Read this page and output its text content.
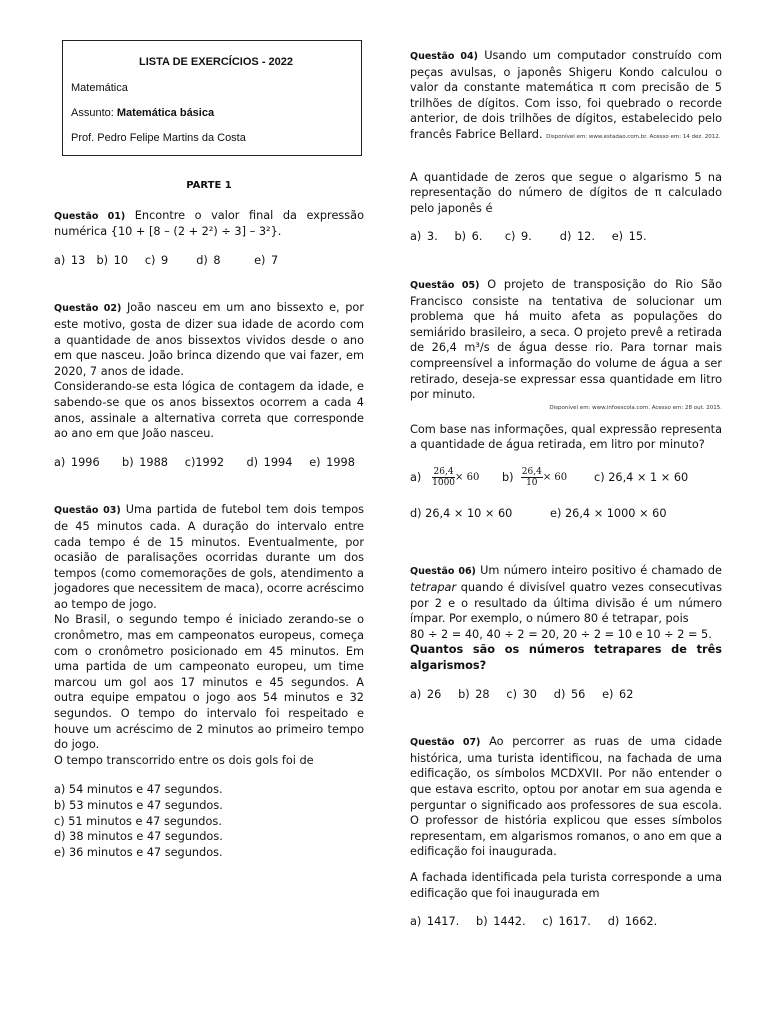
LISTA DE EXERCÍCIOS - 2022
Matemática
Assunto: Matemática básica
Prof. Pedro Felipe Martins da Costa
PARTE 1

Questão 01) Encontre o valor final da expressão numérica {10 + [8 – (2 + 2²) ÷ 3] – 3²}.

a) 13 b) 10 c) 9 d) 8	e) 7

Questão 02) João nasceu em um ano bissexto e, por este motivo, gosta de dizer sua idade de acordo com a quantidade de anos bissextos vividos desde o ano em que nasceu. João brinca dizendo que vai fazer, em 2020, 7 anos de idade.

Considerando-se esta lógica de contagem da idade, e sabendo-se que os anos bissextos ocorrem a cada 4 anos, assinale a alternativa correta que corresponde ao ano em que João nasceu.

a) 1996 b) 1988 c)1992 d) 1994 e) 1998

Questão 03) Uma partida de futebol tem dois tempos de 45 minutos cada. A duração do intervalo entre cada tempo é de 15 minutos. Eventualmente, por ocasião de paralisações ocorridas durante um dos tempos (como comemorações de gols, atendimento a jogadores que necessitem de maca), ocorre acréscimo ao tempo de jogo.

No Brasil, o segundo tempo é iniciado zerando-se o cronômetro, mas em campeonatos europeus, começa com o cronômetro posicionado em 45 minutos. Em uma partida de um campeonato europeu, um time marcou um gol aos 17 minutos e 45 segundos. A outra equipe empatou o jogo aos 54 minutos e 32 segundos. O tempo do intervalo foi respeitado e houve um acréscimo de 2 minutos ao primeiro tempo do jogo.

O tempo transcorrido entre os dois gols foi de

a) 54 minutos e 47 segundos.
b) 53 minutos e 47 segundos.
c) 51 minutos e 47 segundos.
d) 38 minutos e 47 segundos.
e) 36 minutos e 47 segundos.

Questão 04) Usando um computador construído com peças avulsas, o japonês Shigeru Kondo calculou o valor da constante matemática π com precisão de 5 trilhões de dígitos. Com isso, foi quebrado o recorde anterior, de dois trilhões de dígitos, estabelecido pelo francês Fabrice Bellard. Disponível em: www.estadao.com.br. Acesso em: 14 dez. 2012.

A quantidade de zeros que segue o algarismo 5 na representação do número de dígitos de π calculado pelo japonês é

a) 3. b) 6. c) 9. d) 12. e) 15.

Questão 05) O projeto de transposição do Rio São Francisco consiste na tentativa de solucionar um problema que há muito afeta as populações do semiárido brasileiro, a seca. O projeto prevê a retirada de 26,4 m³/s de água desse rio. Para tornar mais compreensível a informação do volume de água a ser retirado, deseja-se expressar essa quantidade em litro por minuto.

Disponível em: www.infoescola.com. Acesso em: 28 out. 2015.

Com base nas informações, qual expressão representa a quantidade de água retirada, em litro por minuto?

a)
$\frac{26,4}{1000} \times 60$ b)
$\frac{26,4}{10} \times 60$ c) 26,4 × 1 × 60
d) 26,4 × 10 × 60	e) 26,4 × 1000 × 60

Questão 06) Um número inteiro positivo é chamado de tetrapar quando é divisível quatro vezes consecutivas por 2 e o resultado da última divisão é um número ímpar. Por exemplo, o número 80 é tetrapar, pois

80 ÷ 2 = 40, 40 ÷ 2 = 20, 20 ÷ 2 = 10 e 10 ÷ 2 = 5.

Quantos são os números tetrapares de três algarismos?

a) 26 b) 28 c) 30 d) 56 e) 62

Questão 07) Ao percorrer as ruas de uma cidade histórica, uma turista identificou, na fachada de uma edificação, os símbolos MCDXVII. Por não entender o que estava escrito, optou por anotar em sua agenda e perguntar o significado aos professores de sua escola. O professor de história explicou que esses símbolos representam, em algarismos romanos, o ano em que a edificação foi inaugurada.

A fachada identificada pela turista corresponde a uma edificação que foi inaugurada em

a) 1417. b) 1442. c) 1617. d) 1662.
